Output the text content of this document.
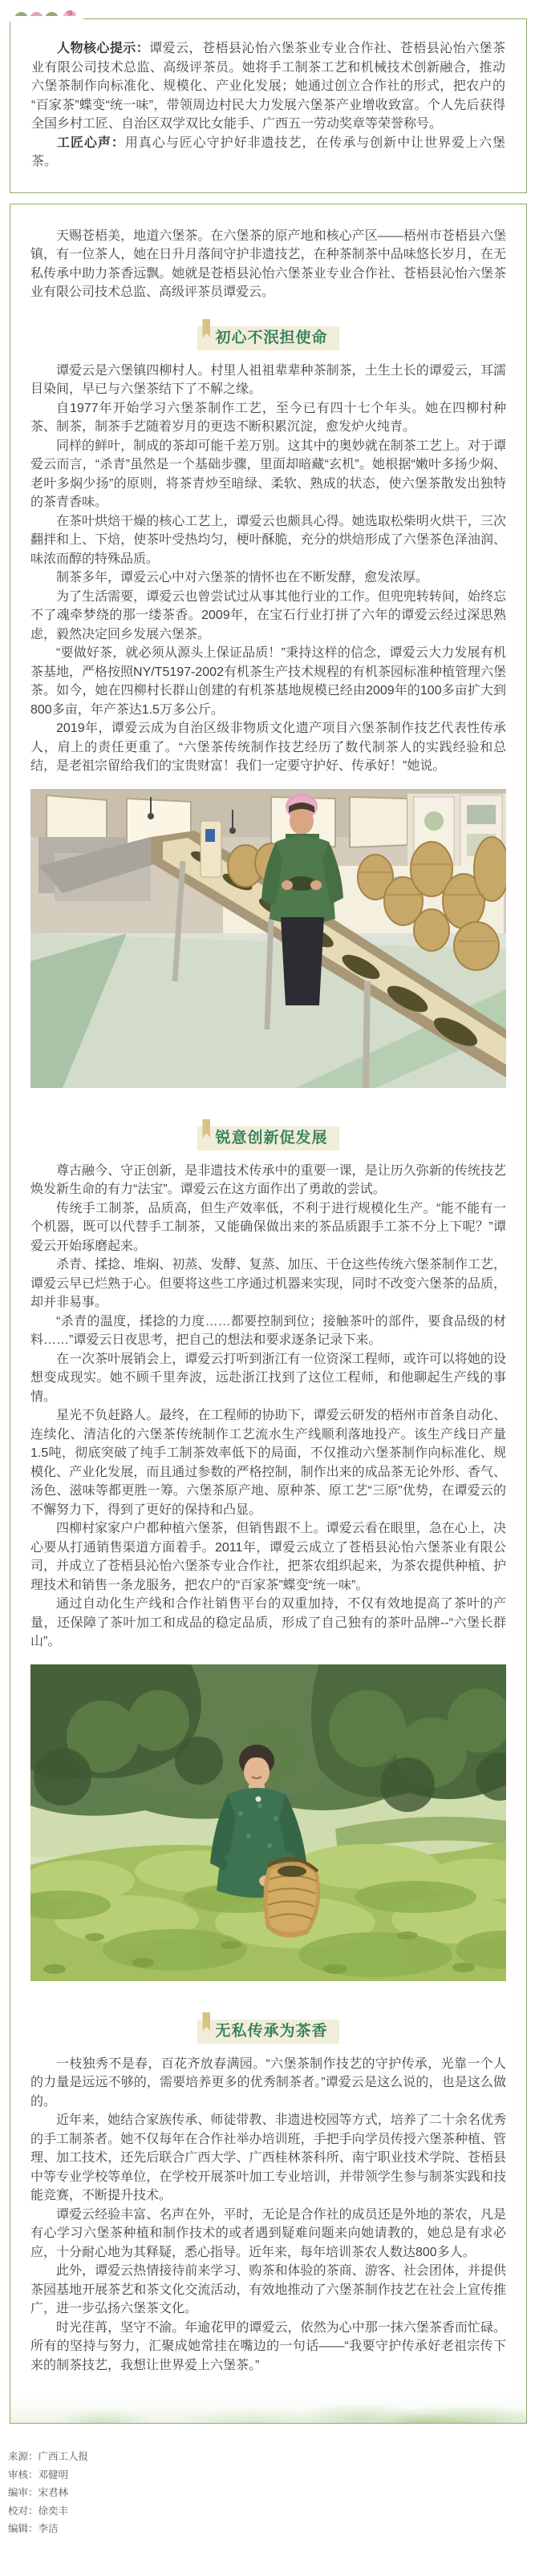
人物核心提示：谭爱云，苍梧县沁怡六堡茶业专业合作社、苍梧县沁怡六堡茶业有限公司技术总监、高级评茶员。她将手工制茶工艺和机械技术创新融合，推动六堡茶制作向标准化、规模化、产业化发展；她通过创立合作社的形式，把农户的“百家茶”蝶变“统一味”，带领周边村民大力发展六堡茶产业增收致富。个人先后获得全国乡村工匠、自治区双学双比女能手、广西五一劳动奖章等荣誉称号。

工匠心声：用真心与匠心守护好非遗技艺，在传承与创新中让世界爱上六堡茶。

天赐苍梧美，地道六堡茶。在六堡茶的原产地和核心产区——梧州市苍梧县六堡镇，有一位茶人，她在日升月落间守护非遗技艺，在种茶制茶中品味悠长岁月，在无私传承中助力茶香远飘。她就是苍梧县沁怡六堡茶业专业合作社、苍梧县沁怡六堡茶业有限公司技术总监、高级评茶员谭爱云。

初心不泯担使命

谭爱云是六堡镇四柳村人。村里人祖祖辈辈种茶制茶，土生土长的谭爱云，耳濡目染间，早已与六堡茶结下了不解之缘。

自1977年开始学习六堡茶制作工艺，至今已有四十七个年头。她在四柳村种茶、制茶，制茶手艺随着岁月的更迭不断积累沉淀，愈发炉火纯青。

同样的鲜叶，制成的茶却可能千差万别。这其中的奥妙就在制茶工艺上。对于谭爱云而言，“杀青”虽然是一个基础步骤，里面却暗藏“玄机”。她根据“嫩叶多扬少焖、老叶多焖少扬”的原则，将茶青炒至暗绿、柔软、熟成的状态，使六堡茶散发出独特的茶青香味。

在茶叶烘焙干燥的核心工艺上，谭爱云也颇具心得。她选取松柴明火烘干，三次翻拌和上、下焙，使茶叶受热均匀，梗叶酥脆，充分的烘焙形成了六堡茶色泽油润、味浓而醇的特殊品质。

制茶多年，谭爱云心中对六堡茶的情怀也在不断发酵，愈发浓厚。

为了生活需要，谭爱云也曾尝试过从事其他行业的工作。但兜兜转转间，始终忘不了魂牵梦绕的那一缕茶香。2009年，在宝石行业打拼了六年的谭爱云经过深思熟虑，毅然决定回乡发展六堡茶。

“要做好茶，就必须从源头上保证品质！”秉持这样的信念，谭爱云大力发展有机茶基地，严格按照NY/T5197-2002有机茶生产技术规程的有机茶园标准种植管理六堡茶。如今，她在四柳村长群山创建的有机茶基地规模已经由2009年的100多亩扩大到800多亩，年产茶达1.5万多公斤。

2019年，谭爱云成为自治区级非物质文化遗产项目六堡茶制作技艺代表性传承人，肩上的责任更重了。“六堡茶传统制作技艺经历了数代制茶人的实践经验和总结，是老祖宗留给我们的宝贵财富！我们一定要守护好、传承好！”她说。

锐意创新促发展

尊古融今、守正创新，是非遗技术传承中的重要一课，是让历久弥新的传统技艺焕发新生命的有力“法宝”。谭爱云在这方面作出了勇敢的尝试。

传统手工制茶，品质高，但生产效率低，不利于进行规模化生产。“能不能有一个机器，既可以代替手工制茶，又能确保做出来的茶品质跟手工茶不分上下呢？”谭爱云开始琢磨起来。

杀青、揉捻、堆焖、初蒸、发酵、复蒸、加压、干仓这些传统六堡茶制作工艺，谭爱云早已烂熟于心。但要将这些工序通过机器来实现，同时不改变六堡茶的品质，却并非易事。

“杀青的温度，揉捻的力度……都要控制到位；接触茶叶的部件，要食品级的材料……”谭爱云日夜思考，把自己的想法和要求逐条记录下来。

在一次茶叶展销会上，谭爱云打听到浙江有一位资深工程师，或许可以将她的设想变成现实。她不顾千里奔波，远赴浙江找到了这位工程师，和他聊起生产线的事情。

星光不负赶路人。最终，在工程师的协助下，谭爱云研发的梧州市首条自动化、连续化、清洁化的六堡茶传统制作工艺流水生产线顺利落地投产。该生产线日产量1.5吨，彻底突破了纯手工制茶效率低下的局面，不仅推动六堡茶制作向标准化、规模化、产业化发展，而且通过参数的严格控制，制作出来的成品茶无论外形、香气、汤色、滋味等都更胜一筹。六堡茶原产地、原种茶、原工艺“三原”优势，在谭爱云的不懈努力下，得到了更好的保持和凸显。

四柳村家家户户都种植六堡茶，但销售跟不上。谭爱云看在眼里，急在心上，决心要从打通销售渠道方面着手。2011年，谭爱云成立了苍梧县沁怡六堡茶业有限公司，并成立了苍梧县沁怡六堡茶专业合作社，把茶农组织起来，为茶农提供种植、护理技术和销售一条龙服务，把农户的“百家茶”蝶变“统一味”。

通过自动化生产线和合作社销售平台的双重加持，不仅有效地提高了茶叶的产量，还保障了茶叶加工和成品的稳定品质，形成了自己独有的茶叶品牌--“六堡长群山”。

无私传承为茶香

一枝独秀不是春，百花齐放春满园。“六堡茶制作技艺的守护传承，光靠一个人的力量是远远不够的，需要培养更多的优秀制茶者。”谭爱云是这么说的，也是这么做的。

近年来，她结合家族传承、师徒带教、非遗进校园等方式，培养了二十余名优秀的手工制茶者。她不仅每年在合作社举办培训班，手把手向学员传授六堡茶种植、管理、加工技术，还先后联合广西大学、广西桂林茶科所、南宁职业技术学院、苍梧县中等专业学校等单位，在学校开展茶叶加工专业培训，并带领学生参与制茶实践和技能竞赛，不断提升技术。

谭爱云经验丰富、名声在外，平时，无论是合作社的成员还是外地的茶农，凡是有心学习六堡茶种植和制作技术的或者遇到疑难问题来向她请教的，她总是有求必应，十分耐心地为其释疑，悉心指导。近年来，每年培训茶农人数达800多人。

此外，谭爱云热情接待前来学习、购茶和体验的茶商、游客、社会团体，并提供茶园基地开展茶艺和茶文化交流活动，有效地推动了六堡茶制作技艺在社会上宣传推广，进一步弘扬六堡茶文化。

时光荏苒，坚守不渝。年逾花甲的谭爱云，依然为心中那一抹六堡茶香而忙碌。所有的坚持与努力，汇聚成她常挂在嘴边的一句话——“我要守护传承好老祖宗传下来的制茶技艺，我想让世界爱上六堡茶。”

来源：广西工人报
审核：邓健明
编审：宋君林
校对：徐奕丰
编辑：李洁
